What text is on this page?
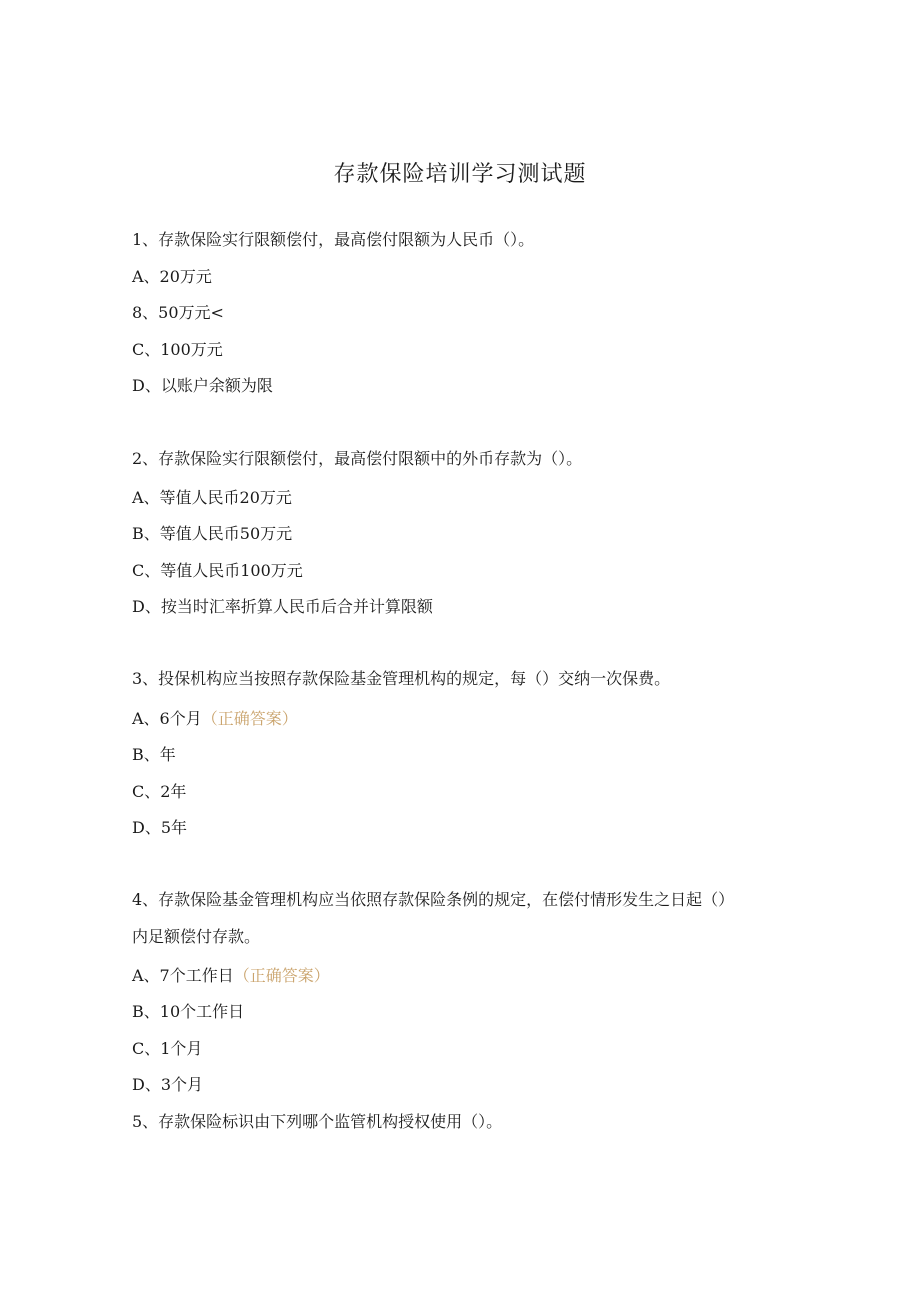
存款保险培训学习测试题
1、存款保险实行限额偿付，最高偿付限额为人民币（）。
A、20万元
8、50万元<
C、100万元
D、以账户余额为限
2、存款保险实行限额偿付，最高偿付限额中的外币存款为（）。
A、等值人民币20万元
B、等值人民币50万元
C、等值人民币100万元
D、按当时汇率折算人民币后合并计算限额
3、投保机构应当按照存款保险基金管理机构的规定，每（）交纳一次保费。
A、6个月（正确答案）
B、年
C、2年
D、5年
4、存款保险基金管理机构应当依照存款保险条例的规定，在偿付情形发生之日起（）
内足额偿付存款。
A、7个工作日（正确答案）
B、10个工作日
C、1个月
D、3个月
5、存款保险标识由下列哪个监管机构授权使用（）。
